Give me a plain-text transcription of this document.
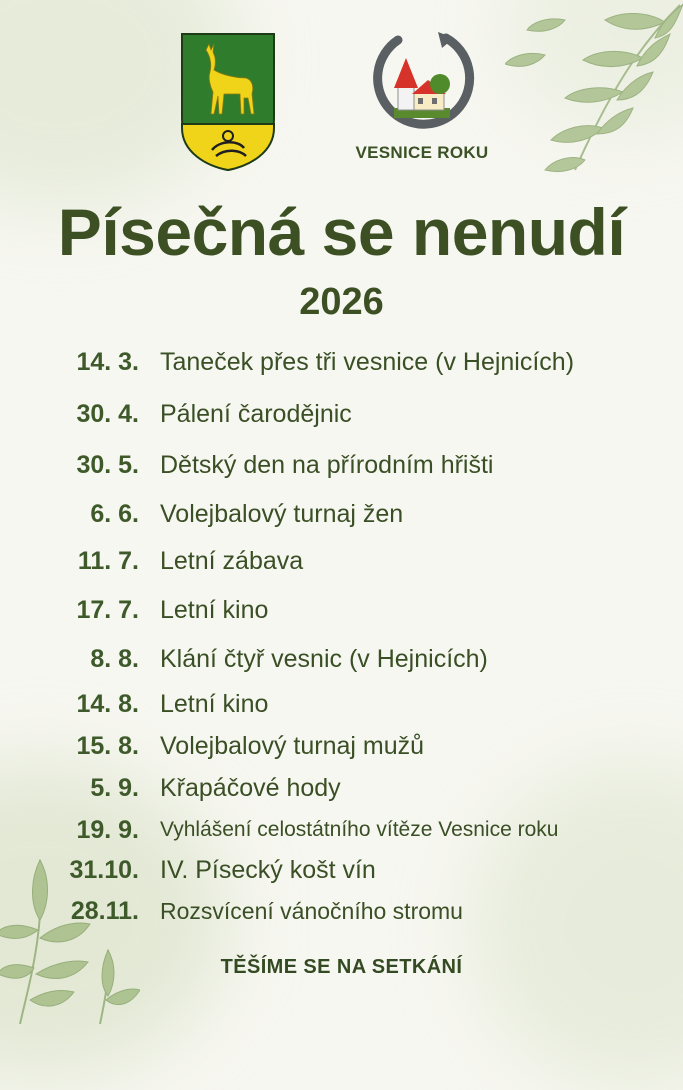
VESNICE ROKU
Písečná se nenudí
2026
14. 3. Taneček přes tři vesnice (v Hejnicích)
30. 4. Pálení čarodějnic
30. 5. Dětský den na přírodním hřišti
6. 6. Volejbalový turnaj žen
11. 7. Letní zábava
17. 7. Letní kino
8. 8. Klání čtyř vesnic (v Hejnicích)
14. 8. Letní kino
15. 8. Volejbalový turnaj mužů
5. 9. Křapáčové hody
19. 9. Vyhlášení celostátního vítěze Vesnice roku
31.10. IV. Písecký košt vín
28.11. Rozsvícení vánočního stromu
TĚŠÍME SE NA SETKÁNÍ
